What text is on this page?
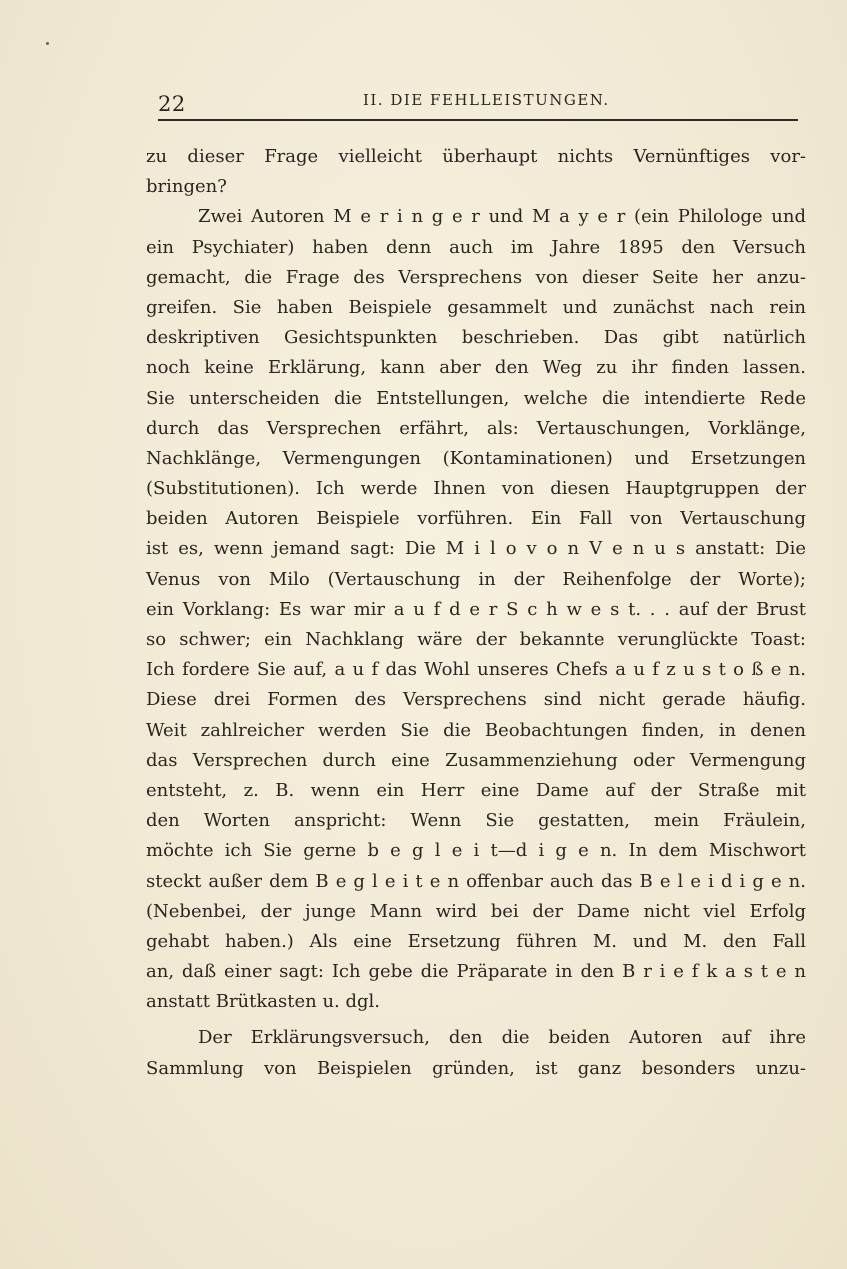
22	II. DIE FEHLLEISTUNGEN.
zu dieser Frage vielleicht überhaupt nichts Vernünftiges vor-
bringen?
Zwei Autoren M e r i n g e r und M a y e r (ein Philologe und
ein Psychiater) haben denn auch im Jahre 1895 den Versuch
gemacht, die Frage des Versprechens von dieser Seite her anzu-
greifen. Sie haben Beispiele gesammelt und zunächst nach rein
deskriptiven Gesichtspunkten beschrieben. Das gibt natürlich
noch keine Erklärung, kann aber den Weg zu ihr finden lassen.
Sie unterscheiden die Entstellungen, welche die intendierte Rede
durch das Versprechen erfährt, als: Vertauschungen, Vorklänge,
Nachklänge, Vermengungen (Kontaminationen) und Ersetzungen
(Substitutionen). Ich werde Ihnen von diesen Hauptgruppen der
beiden Autoren Beispiele vorführen. Ein Fall von Vertauschung
ist es, wenn jemand sagt: Die M i l o v o n V e n u s anstatt: Die
Venus von Milo (Vertauschung in der Reihenfolge der Worte);
ein Vorklang: Es war mir a u f d e r S c h w e s t. . . auf der Brust
so schwer; ein Nachklang wäre der bekannte verunglückte Toast:
Ich fordere Sie auf, a u f das Wohl unseres Chefs a u f z u s t o ß e n.
Diese drei Formen des Versprechens sind nicht gerade häufig.
Weit zahlreicher werden Sie die Beobachtungen finden, in denen
das Versprechen durch eine Zusammenziehung oder Vermengung
entsteht, z. B. wenn ein Herr eine Dame auf der Straße mit
den Worten anspricht: Wenn Sie gestatten, mein Fräulein,
möchte ich Sie gerne b e g l e i t—d i g e n. In dem Mischwort
steckt außer dem B e g l e i t e n offenbar auch das B e l e i d i g e n.
(Nebenbei, der junge Mann wird bei der Dame nicht viel Erfolg
gehabt haben.) Als eine Ersetzung führen M. und M. den Fall
an, daß einer sagt: Ich gebe die Präparate in den B r i e f k a s t e n
anstatt Brütkasten u. dgl.
Der Erklärungsversuch, den die beiden Autoren auf ihre
Sammlung von Beispielen gründen, ist ganz besonders unzu-
